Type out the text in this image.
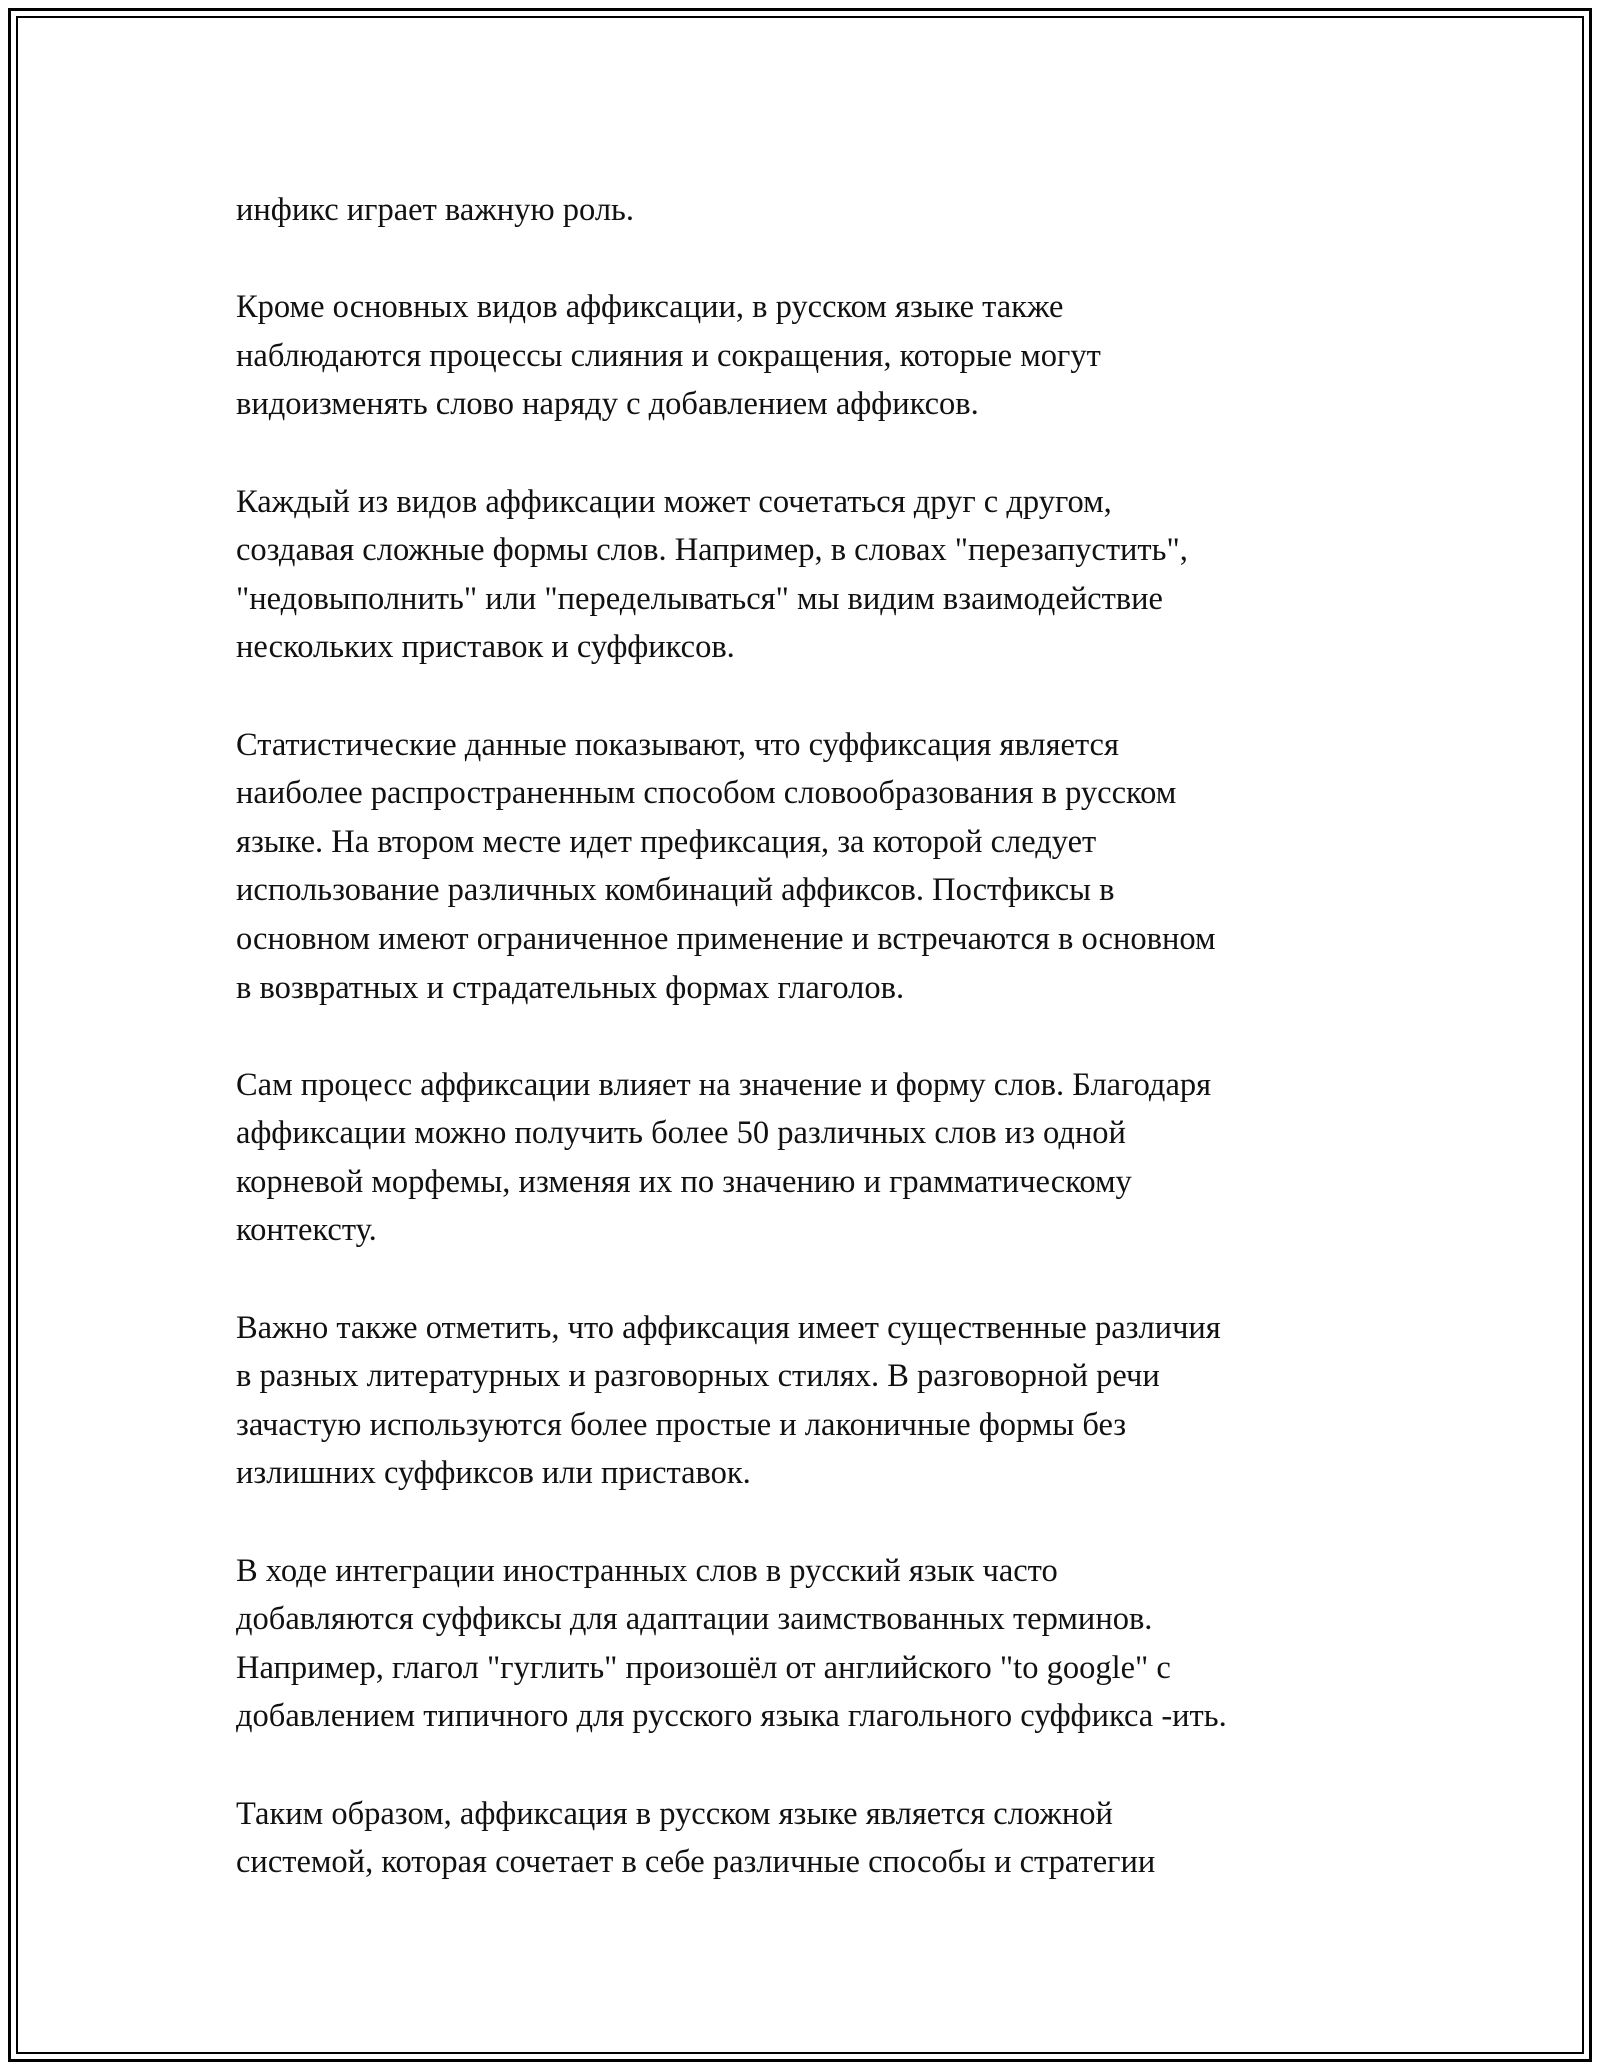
инфикс играет важную роль.
Кроме основных видов аффиксации, в русском языке также
наблюдаются процессы слияния и сокращения, которые могут
видоизменять слово наряду с добавлением аффиксов.
Каждый из видов аффиксации может сочетаться друг с другом,
создавая сложные формы слов. Например, в словах "перезапустить",
"недовыполнить" или "переделываться" мы видим взаимодействие
нескольких приставок и суффиксов.
Статистические данные показывают, что суффиксация является
наиболее распространенным способом словообразования в русском
языке. На втором месте идет префиксация, за которой следует
использование различных комбинаций аффиксов. Постфиксы в
основном имеют ограниченное применение и встречаются в основном
в возвратных и страдательных формах глаголов.
Сам процесс аффиксации влияет на значение и форму слов. Благодаря
аффиксации можно получить более 50 различных слов из одной
корневой морфемы, изменяя их по значению и грамматическому
контексту.
Важно также отметить, что аффиксация имеет существенные различия
в разных литературных и разговорных стилях. В разговорной речи
зачастую используются более простые и лаконичные формы без
излишних суффиксов или приставок.
В ходе интеграции иностранных слов в русский язык часто
добавляются суффиксы для адаптации заимствованных терминов.
Например, глагол "гуглить" произошёл от английского "to google" с
добавлением типичного для русского языка глагольного суффикса -ить.
Таким образом, аффиксация в русском языке является сложной
системой, которая сочетает в себе различные способы и стратегии
